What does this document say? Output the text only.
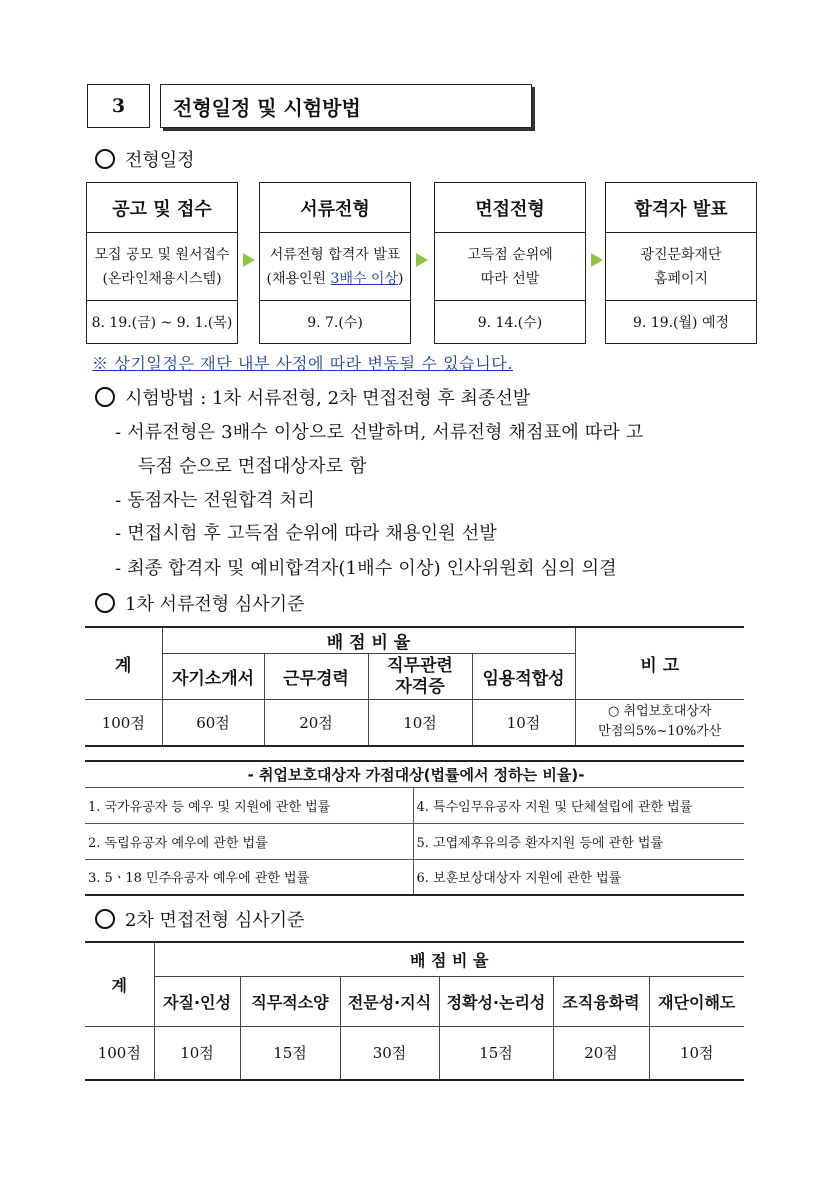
3	전형일정 및 시험방법
전형일정
공고 및 접수
모집 공모 및 원서접수
(온라인채용시스템)
8. 19.(금) ~ 9. 1.(목)
서류전형
서류전형 합격자 발표
(채용인원 3배수 이상)
9. 7.(수)
면접전형
고득점 순위에
따라 선발
9. 14.(수)
합격자 발표
광진문화재단
홈페이지
9. 19.(월) 예정
※ 상기일정은 재단 내부 사정에 따라 변동될 수 있습니다.
시험방법 : 1차 서류전형, 2차 면접전형 후 최종선발
- 서류전형은 3배수 이상으로 선발하며, 서류전형 채점표에 따라 고
득점 순으로 면접대상자로 함
- 동점자는 전원합격 처리
- 면접시험 후 고득점 순위에 따라 채용인원 선발
- 최종 합격자 및 예비합격자(1배수 이상) 인사위원회 심의 의결
1차 서류전형 심사기준
계	배 점 비 율				비 고
	자기소개서	근무경력	직무관련
자격증	임용적합성	
100점	60점	20점	10점	10점	○ 취업보호대상자
만점의5%~10%가산
- 취업보호대상자 가점대상(법률에서 정하는 비율)-	
1. 국가유공자 등 예우 및 지원에 관한 법률	4. 특수임무유공자 지원 및 단체설립에 관한 법률
2. 독립유공자 예우에 관한 법률	5. 고엽제후유의증 환자지원 등에 관한 법률
3. 5ㆍ18 민주유공자 예우에 관한 법률	6. 보훈보상대상자 지원에 관한 법률
2차 면접전형 심사기준
계	배 점 비 율					
	자질·인성	직무적소양	전문성·지식	정확성·논리성	조직융화력	재단이해도
100점	10점	15점	30점	15점	20점	10점
